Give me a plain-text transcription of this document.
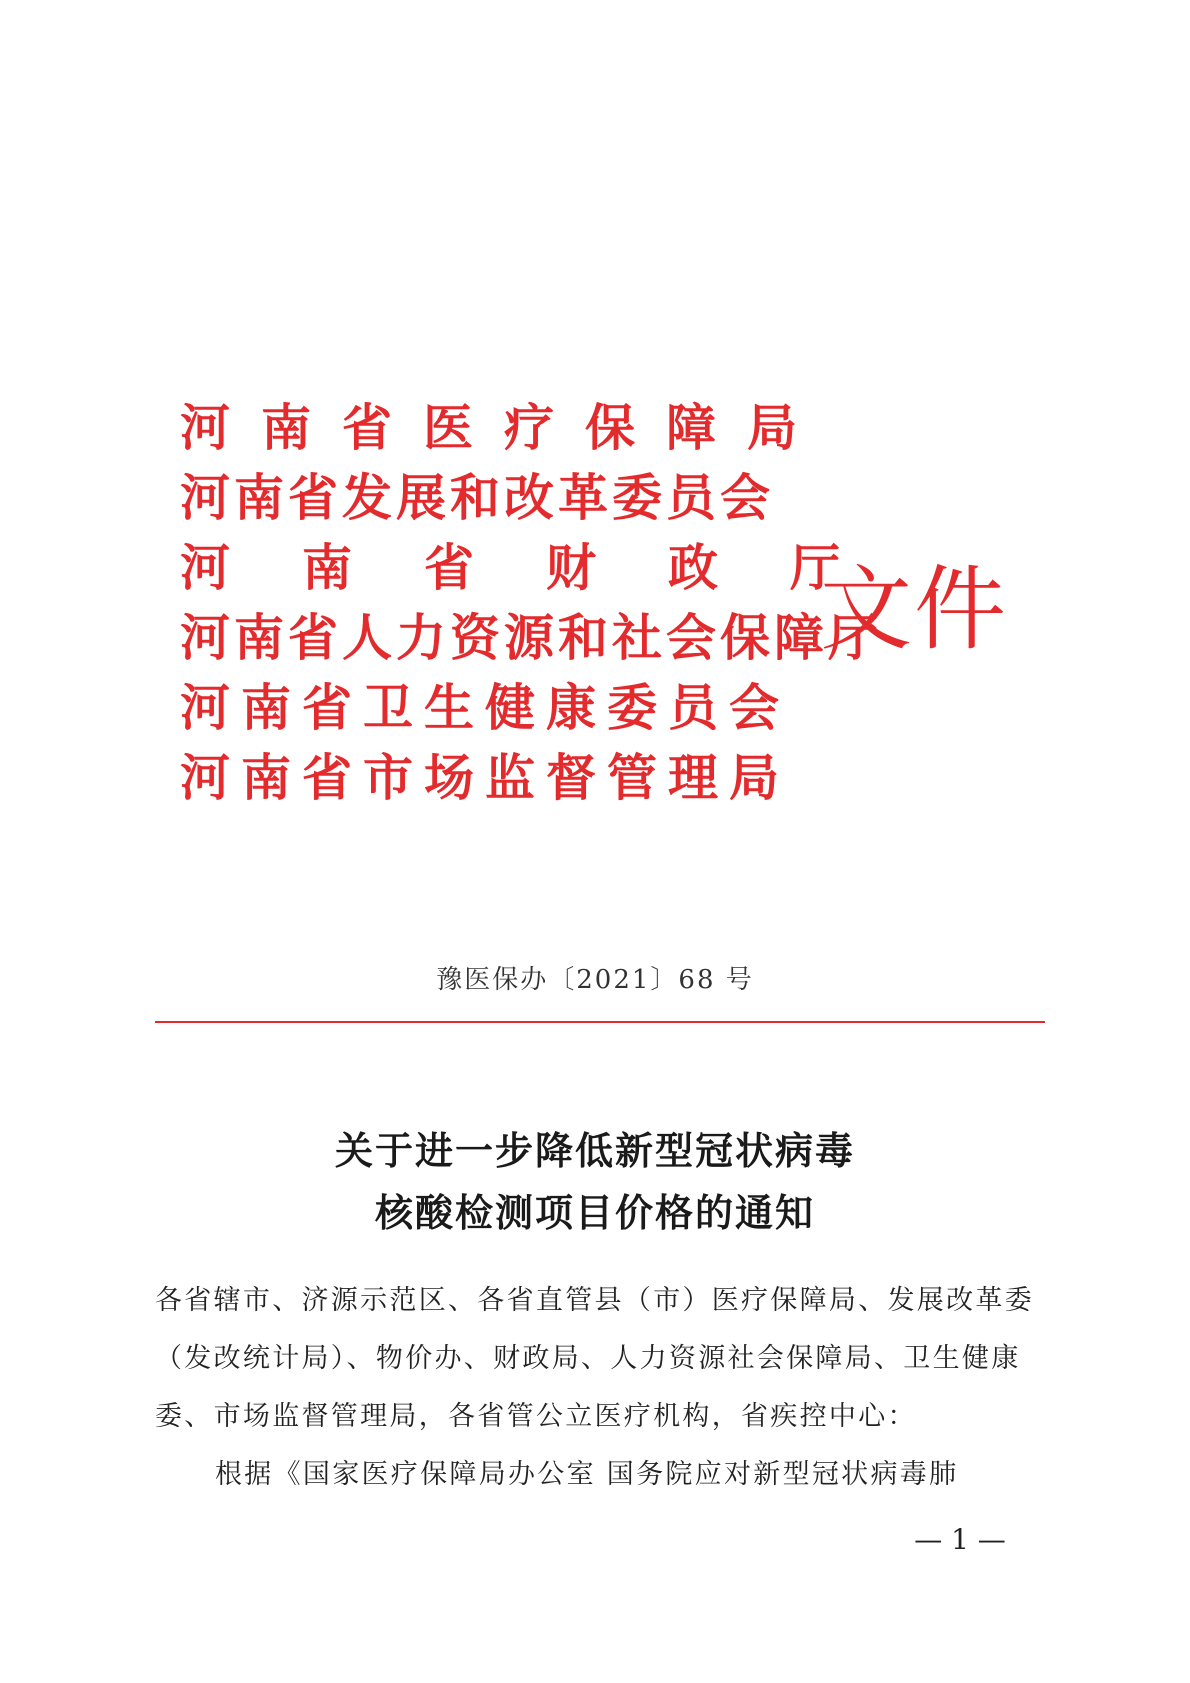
河南省医疗保障局
河南省发展和改革委员会
河南省财政厅
河南省人力资源和社会保障厅
河南省卫生健康委员会
河南省市场监督管理局
文件
豫医保办〔2021〕68 号
关于进一步降低新型冠状病毒
核酸检测项目价格的通知
各省辖市、济源示范区、各省直管县（市）医疗保障局、发展改革委（发改统计局）、物价办、财政局、人力资源社会保障局、卫生健康委、市场监督管理局，各省管公立医疗机构，省疾控中心：
根据《国家医疗保障局办公室 国务院应对新型冠状病毒肺
— 1 —
